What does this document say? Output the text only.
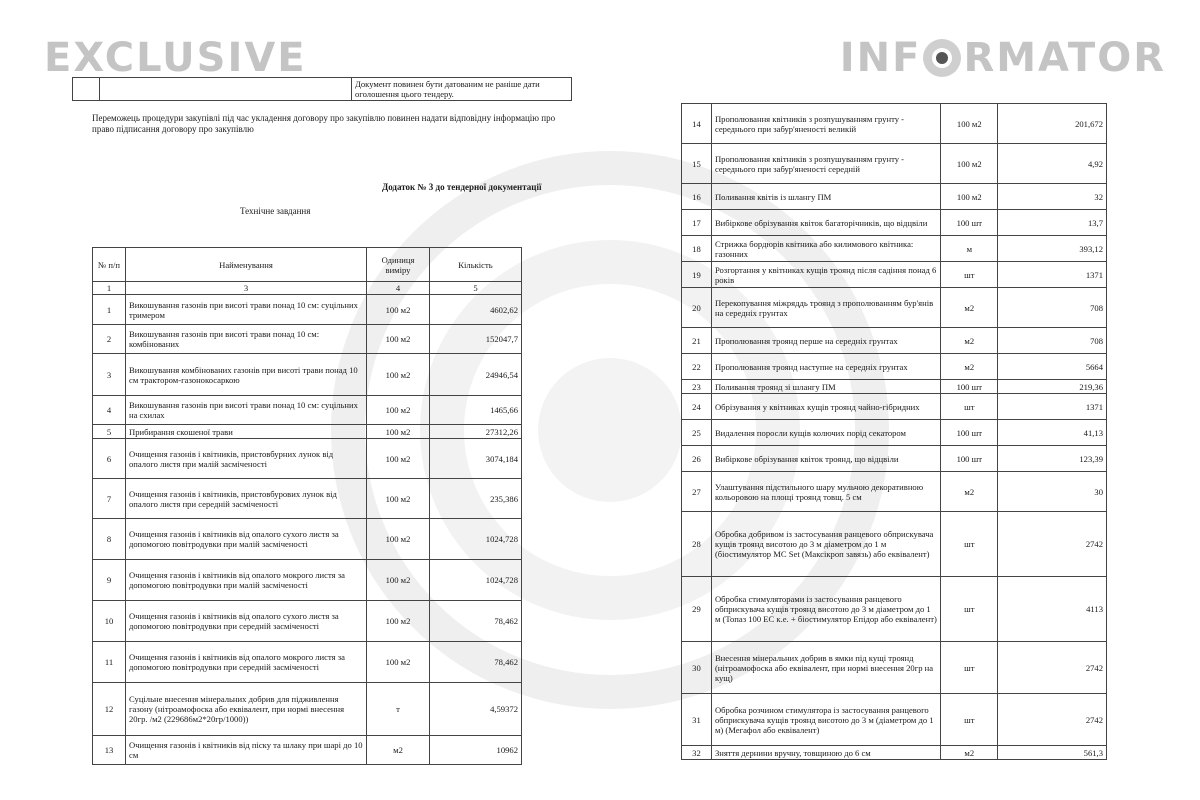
EXCLUSIVE	INF RMATOR
		Документ повинен бути датованим не раніше дати оголошення цього тендеру.
Переможець процедури закупівлі під час укладення договору про закупівлю повинен надати відповідну інформацію про право підписання договору про закупівлю
Додаток № 3 до тендерної документації
Технічне завдання
№ п/п	Найменування	Одиниця виміру	Кількість
1	3	4	5
1	Викошування газонів при висоті трави понад 10 см: суцільних тримером	100 м2	4602,62
2	Викошування газонів при висоті трави понад 10 см: комбінованих	100 м2	152047,7
3	Викошування комбінованих газонів при висоті трави понад 10 см трактором-газонокосаркою	100 м2	24946,54
4	Викошування газонів при висоті трави понад 10 см: суцільних на схилах	100 м2	1465,66
5	Прибирання скошеної трави	100 м2	27312,26
6	Очищення газонів і квітників, пристовбурних лунок від опалого листя при малій засміченості	100 м2	3074,184
7	Очищення газонів і квітників, пристовбурових лунок від опалого листя при середній засміченості	100 м2	235,386
8	Очищення газонів і квітників від опалого сухого листя за допомогою повітродувки при малій засміченості	100 м2	1024,728
9	Очищення газонів і квітників від опалого мокрого листя за допомогою повітродувки при малій засміченості	100 м2	1024,728
10	Очищення газонів і квітників від опалого сухого листя за допомогою повітродувки при середній засміченості	100 м2	78,462
11	Очищення газонів і квітників від опалого мокрого листя за допомогою повітродувки при середній засміченості	100 м2	78,462
12	Суцільне внесення мінеральних добрив для підживлення газону (нітроамофоска або еквівалент, при нормі внесення 20гр. /м2 (229686м2*20гр/1000))	т	4,59372
13	Очищення газонів і квітників від піску та шлаку при шарі до 10 см	м2	10962
14	Прополювання квітників з розпушуванням грунту - середнього при забур'яненості великій	100 м2	201,672
15	Прополювання квітників з розпушуванням грунту - середнього при забур'яненості середній	100 м2	4,92
16	Поливання квітів із шлангу ПМ	100 м2	32
17	Вибіркове обрізування квіток багаторічників, що відцвіли	100 шт	13,7
18	Стрижка бордюрів квітника або килимового квітника: газонних	м	393,12
19	Розгортання у квітниках кущів троянд після садіння понад 6 років	шт	1371
20	Перекопування міжряддь троянд з прополюванням бур'янів на середніх грунтах	м2	708
21	Прополювання троянд перше на середніх грунтах	м2	708
22	Прополювання троянд наступне на середніх грунтах	м2	5664
23	Поливання троянд зі шлангу ПМ	100 шт	219,36
24	Обрізування у квітниках кущів троянд чайно-гібридних	шт	1371
25	Видалення поросли кущів колючих порід секатором	100 шт	41,13
26	Вибіркове обрізування квіток троянд, що відцвіли	100 шт	123,39
27	Улаштування підстильного шару мульчою декоративною кольоровою на площі троянд товщ. 5 см	м2	30
28	Обробка добривом із застосування ранцевого обприскувача кущів троянд висотою до 3 м діаметром до 1 м (біостимулятор МС Set (Максікроп завязь) або еквівалент)	шт	2742
29	Обробка стимуляторами із застосування ранцевого обприскувача кущів троянд висотою до 3 м діаметром до 1 м (Топаз 100 ЕС к.е. + біостимулятор Епідор або еквівалент)	шт	4113
30	Внесення мінеральних добрив в ямки під кущі троянд (нітроамофоска або еквівалент, при нормі внесення 20гр на кущ)	шт	2742
31	Обробка розчином стимулятора із застосування ранцевого обприскувача кущів троянд висотою до 3 м (діаметром до 1 м) (Мегафол або еквівалент)	шт	2742
32	Зняття дернини вручну, товщиною до 6 см	м2	561,3
